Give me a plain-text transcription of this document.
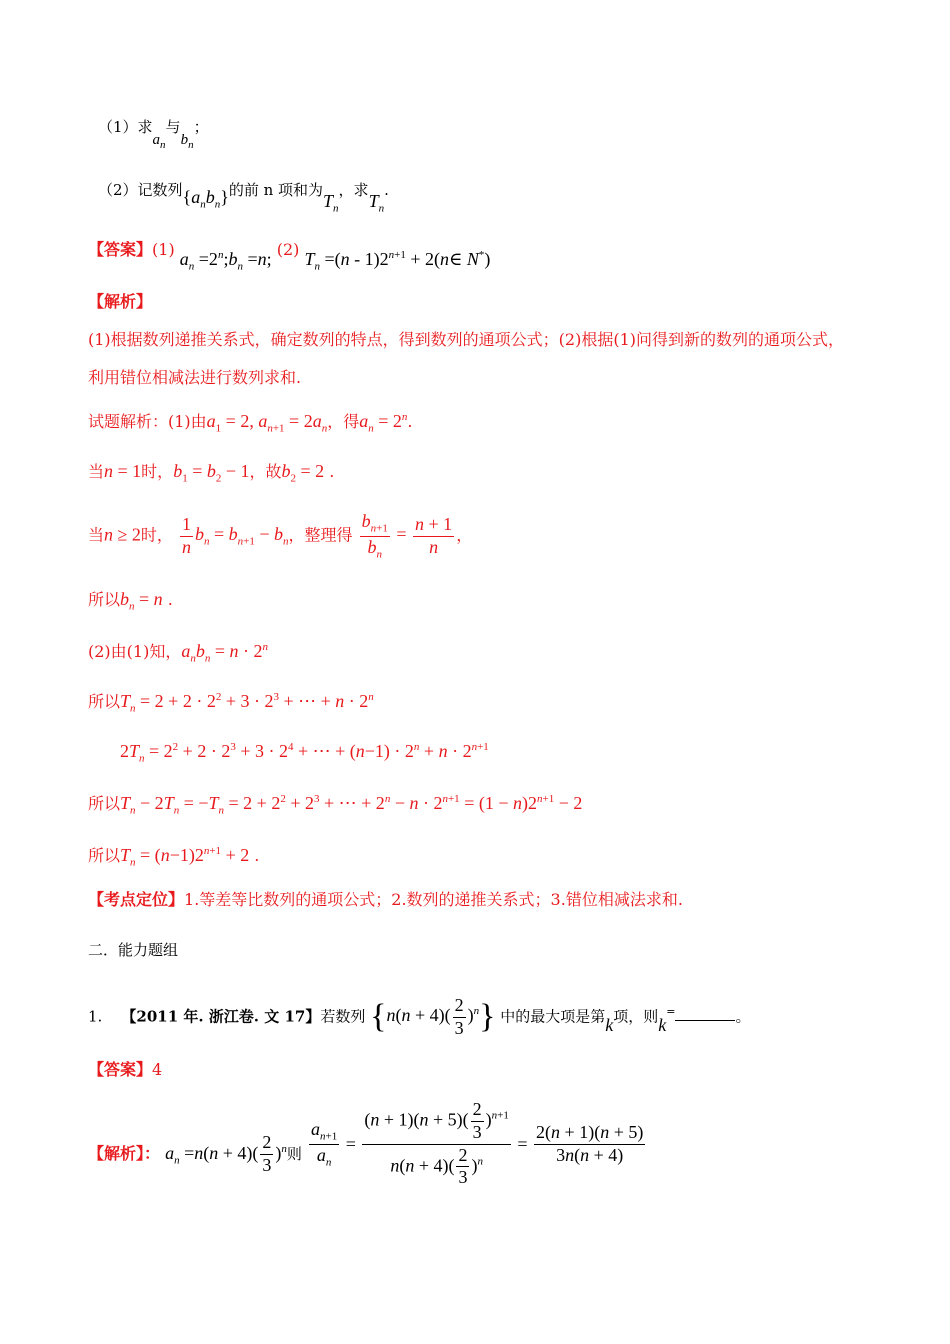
（1）求$a_n$与$b_n$；
（2）记数列$\{a_nb_n\}$的前 n 项和为$T_n$，求$T_n$.
【答案】(1) $a_n$ $=2^n;b_n =n$; (2) $T_n =(n - 1)2^{n+1}$ + 2(n∈ N*)
【解析】
(1)根据数列递推关系式，确定数列的特点，得到数列的通项公式；(2)根据(1)问得到新的数列的通项公式，
利用错位相减法进行数列求和.
试题解析：(1)由$a_1 = 2$, $a_{n+1} = 2a_n$，得$a_n = 2^n$.
当n = 1时，$b_1 = b_2 - 1$，故$b_2 = 2$ .
当n ≥ 2时， $\frac{1}{n} b_n = b_{n+1} - b_n$，整理得 $\frac{b_{n+1}}{b_n} = \frac{n + 1}{n}$ ，
所以$b_n = n$ .
(2)由(1)知，$a_nb_n = n \cdot 2^n$
所以$T_n = 2 + 2 \cdot 2^2 + 3 \cdot 2^3$ + ⋯ + $n \cdot 2^n$
$2T_n = 2^2 + 2 \cdot 2^3 + 3 \cdot 2^4$ + ⋯ + $(n-1) \cdot 2^n + n \cdot 2^{n+1}$
所以$T_n - 2T_n = -T_n = 2 + 2^2 + 2^3$ + ⋯ + $2^n - n \cdot 2^{n+1} = (1 - n)2^{n+1} - 2$
所以$T_n = (n-1)2^{n+1} + 2$ .
【考点定位】1.等差等比数列的通项公式；2.数列的递推关系式；3.错位相减法求和.
二．能力题组
1. 【2011 年. 浙江卷. 文 17】若数列 $\{n(n + 4)( \frac{2}{3} )^n\}$ 中的最大项是第k项，则k=	。
【答案】4
【解析】： $a_n =n(n + 4)( \frac{2}{3} )^n$则 $\frac{a_{n+1}}{a_n} = \frac{(n + 1)(n + 5)( \frac{2}{3} )^{n+1}}{n(n + 4)( \frac{2}{3} )^n} = \frac{2(n + 1)(n + 5)}{3n(n + 4)}$
